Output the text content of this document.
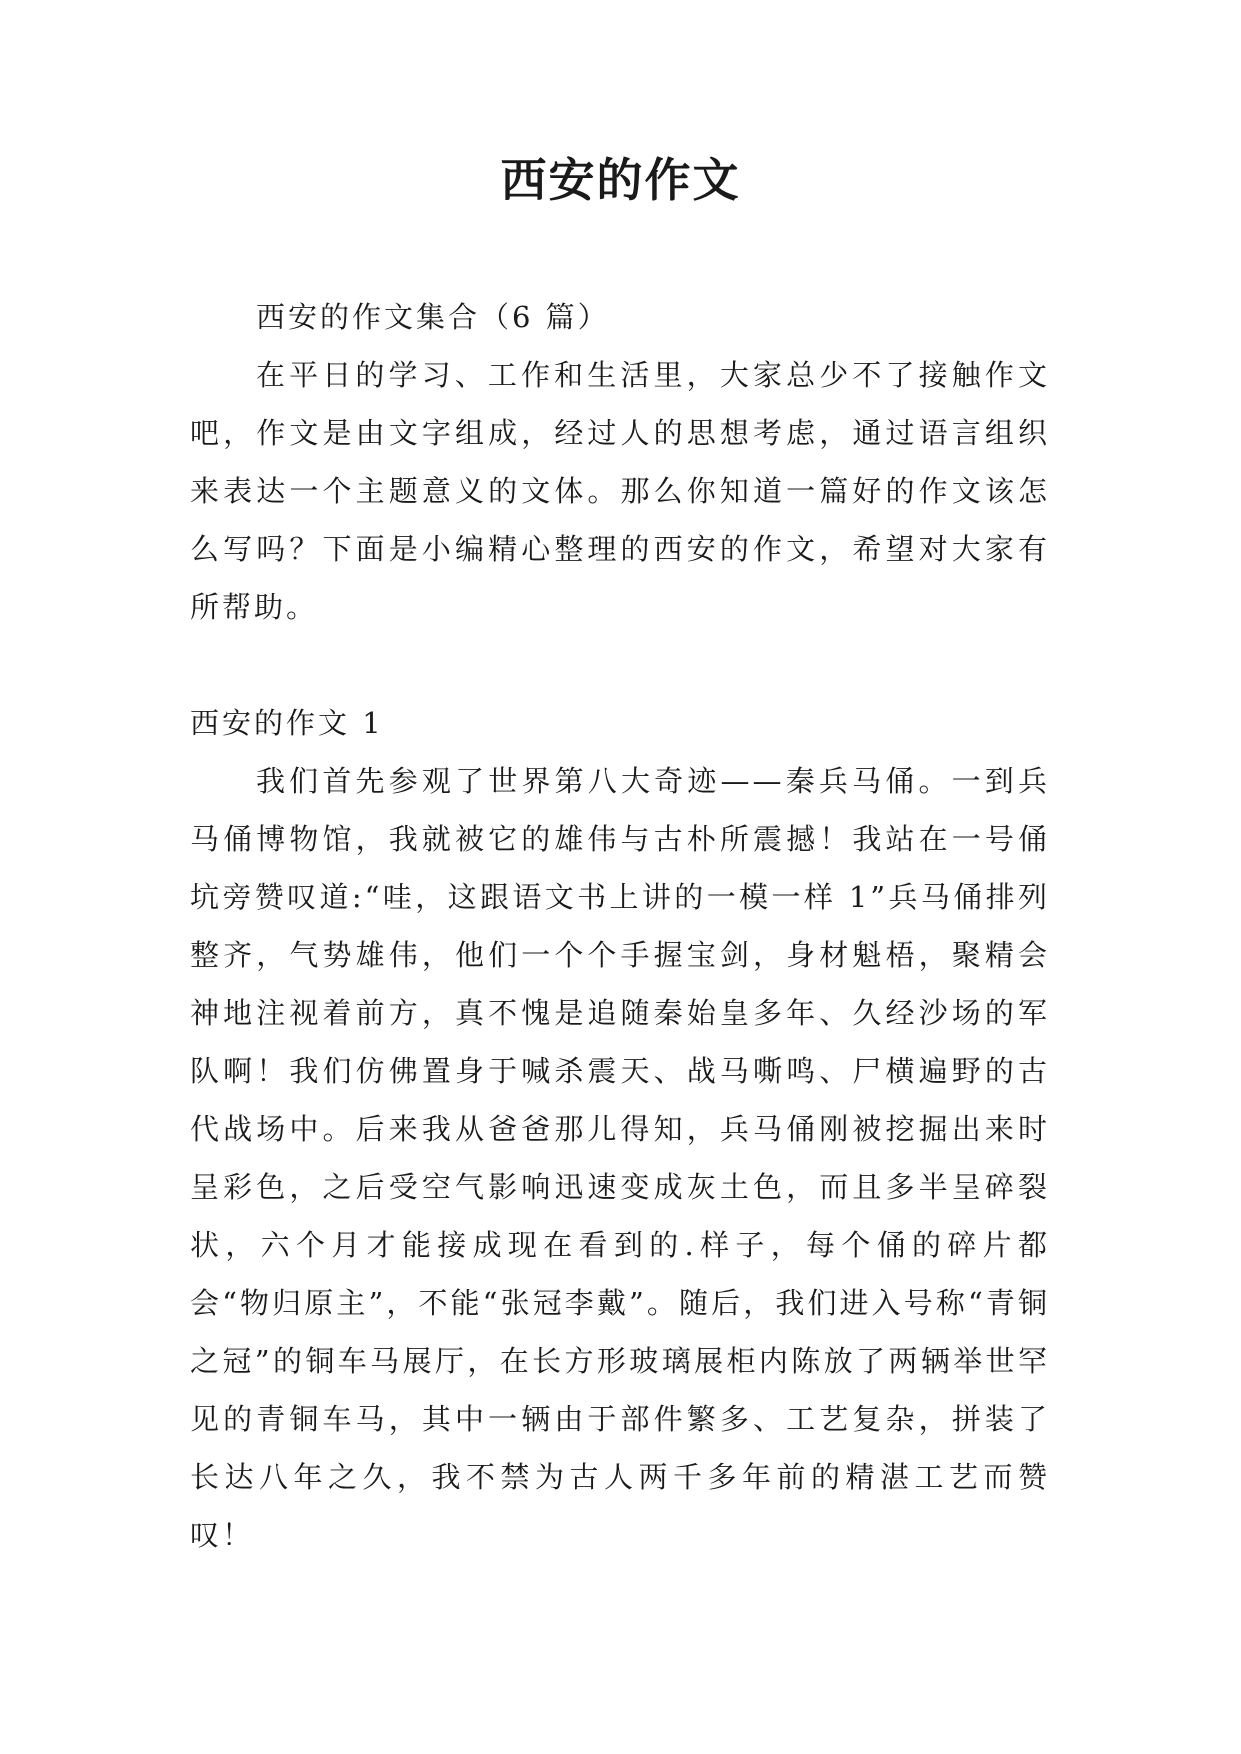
西安的作文

西安的作文集合（6 篇）

在平日的学习、工作和生活里，大家总少不了接触作文吧，作文是由文字组成，经过人的思想考虑，通过语言组织来表达一个主题意义的文体。那么你知道一篇好的作文该怎么写吗？下面是小编精心整理的西安的作文，希望对大家有所帮助。

西安的作文 1

我们首先参观了世界第八大奇迹——秦兵马俑。一到兵马俑博物馆，我就被它的雄伟与古朴所震撼！我站在一号俑坑旁赞叹道:“哇，这跟语文书上讲的一模一样 1”兵马俑排列整齐，气势雄伟，他们一个个手握宝剑，身材魁梧，聚精会神地注视着前方，真不愧是追随秦始皇多年、久经沙场的军队啊！我们仿佛置身于喊杀震天、战马嘶鸣、尸横遍野的古代战场中。后来我从爸爸那儿得知，兵马俑刚被挖掘出来时呈彩色，之后受空气影响迅速变成灰土色，而且多半呈碎裂状，六个月才能接成现在看到的.样子，每个俑的碎片都会“物归原主”，不能“张冠李戴”。随后，我们进入号称“青铜之冠”的铜车马展厅，在长方形玻璃展柜内陈放了两辆举世罕见的青铜车马，其中一辆由于部件繁多、工艺复杂，拼装了长达八年之久，我不禁为古人两千多年前的精湛工艺而赞叹！
